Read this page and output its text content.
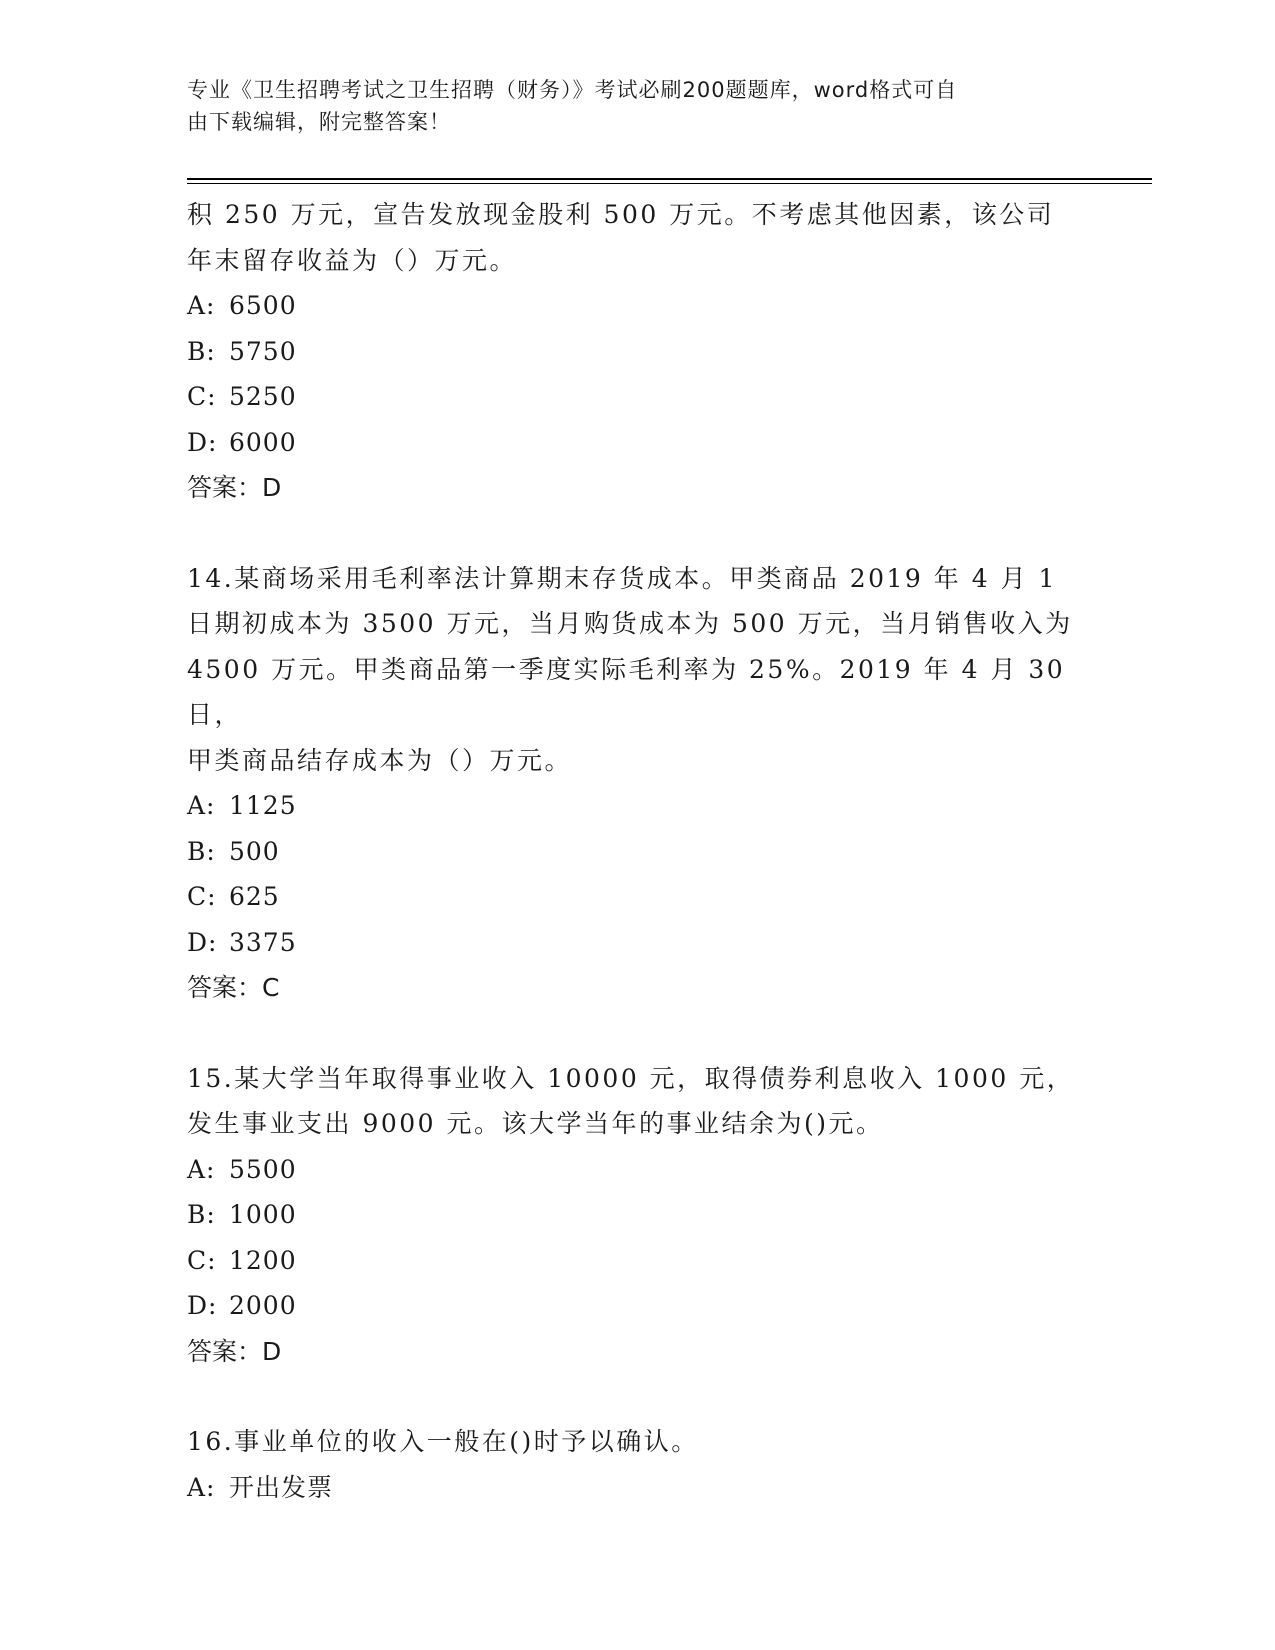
专业《卫生招聘考试之卫生招聘（财务）》考试必刷200题题库，word格式可自
由下载编辑，附完整答案！

积 250 万元，宣告发放现金股利 500 万元。不考虑其他因素，该公司

年末留存收益为（）万元。

A: 6500

B: 5750

C: 5250

D: 6000

答案：D

14.某商场采用毛利率法计算期末存货成本。甲类商品 2019 年 4 月 1

日期初成本为 3500 万元，当月购货成本为 500 万元，当月销售收入为

4500 万元。甲类商品第一季度实际毛利率为 25%。2019 年 4 月 30 日，

甲类商品结存成本为（）万元。

A: 1125

B: 500

C: 625

D: 3375

答案：C

15.某大学当年取得事业收入 10000 元，取得债券利息收入 1000 元，

发生事业支出 9000 元。该大学当年的事业结余为()元。

A: 5500

B: 1000

C: 1200

D: 2000

答案：D

16.事业单位的收入一般在()时予以确认。

A: 开出发票
